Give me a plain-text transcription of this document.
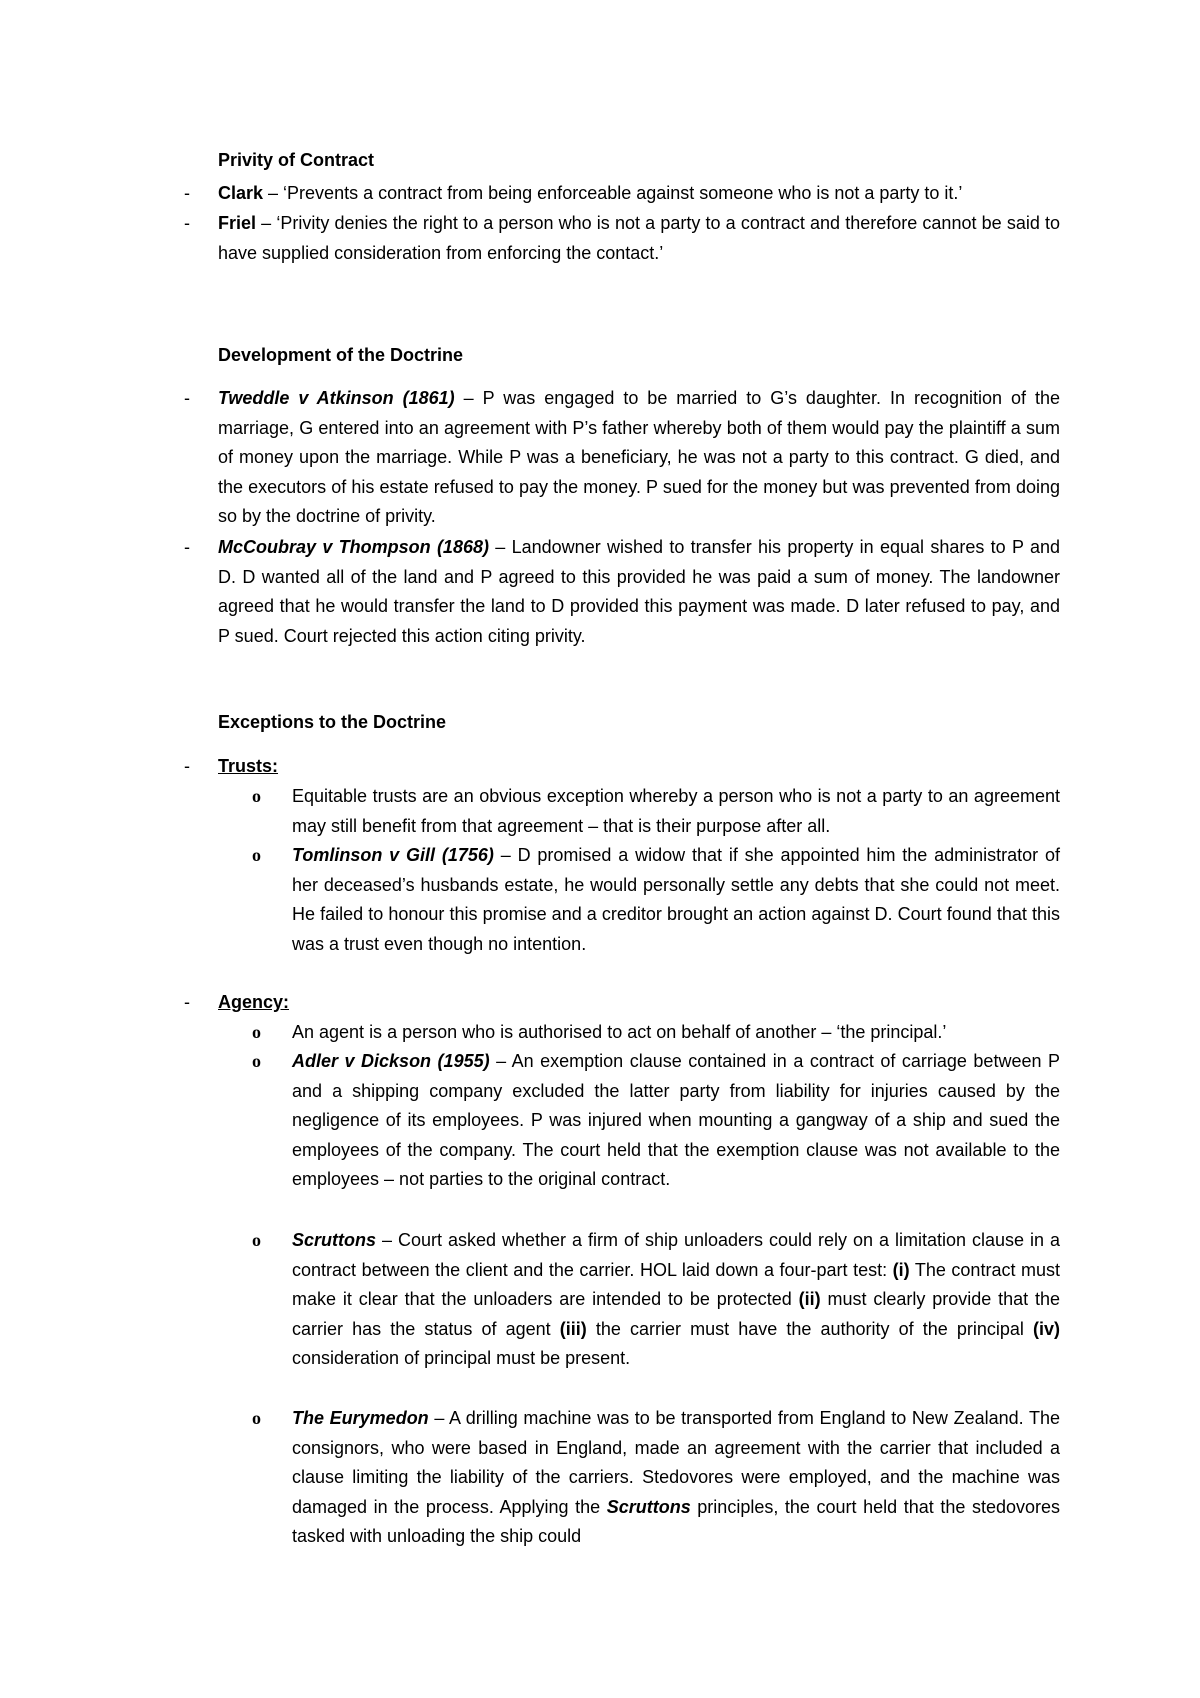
Privity of Contract
- Clark – ‘Prevents a contract from being enforceable against someone who is not a party to it.’
- Friel – ‘Privity denies the right to a person who is not a party to a contract and therefore cannot be said to have supplied consideration from enforcing the contact.’
Development of the Doctrine
- Tweddle v Atkinson (1861) – P was engaged to be married to G’s daughter. In recognition of the marriage, G entered into an agreement with P’s father whereby both of them would pay the plaintiff a sum of money upon the marriage. While P was a beneficiary, he was not a party to this contract. G died, and the executors of his estate refused to pay the money. P sued for the money but was prevented from doing so by the doctrine of privity.
- McCoubray v Thompson (1868) – Landowner wished to transfer his property in equal shares to P and D. D wanted all of the land and P agreed to this provided he was paid a sum of money. The landowner agreed that he would transfer the land to D provided this payment was made. D later refused to pay, and P sued. Court rejected this action citing privity.
Exceptions to the Doctrine
- Trusts:
o Equitable trusts are an obvious exception whereby a person who is not a party to an agreement may still benefit from that agreement – that is their purpose after all.
o Tomlinson v Gill (1756) – D promised a widow that if she appointed him the administrator of her deceased’s husbands estate, he would personally settle any debts that she could not meet. He failed to honour this promise and a creditor brought an action against D. Court found that this was a trust even though no intention.
- Agency:
o An agent is a person who is authorised to act on behalf of another – ‘the principal.’
o Adler v Dickson (1955) – An exemption clause contained in a contract of carriage between P and a shipping company excluded the latter party from liability for injuries caused by the negligence of its employees. P was injured when mounting a gangway of a ship and sued the employees of the company. The court held that the exemption clause was not available to the employees – not parties to the original contract.
o Scruttons – Court asked whether a firm of ship unloaders could rely on a limitation clause in a contract between the client and the carrier. HOL laid down a four-part test: (i) The contract must make it clear that the unloaders are intended to be protected (ii) must clearly provide that the carrier has the status of agent (iii) the carrier must have the authority of the principal (iv) consideration of principal must be present.
o The Eurymedon – A drilling machine was to be transported from England to New Zealand. The consignors, who were based in England, made an agreement with the carrier that included a clause limiting the liability of the carriers. Stedovores were employed, and the machine was damaged in the process. Applying the Scruttons principles, the court held that the stedovores tasked with unloading the ship could
